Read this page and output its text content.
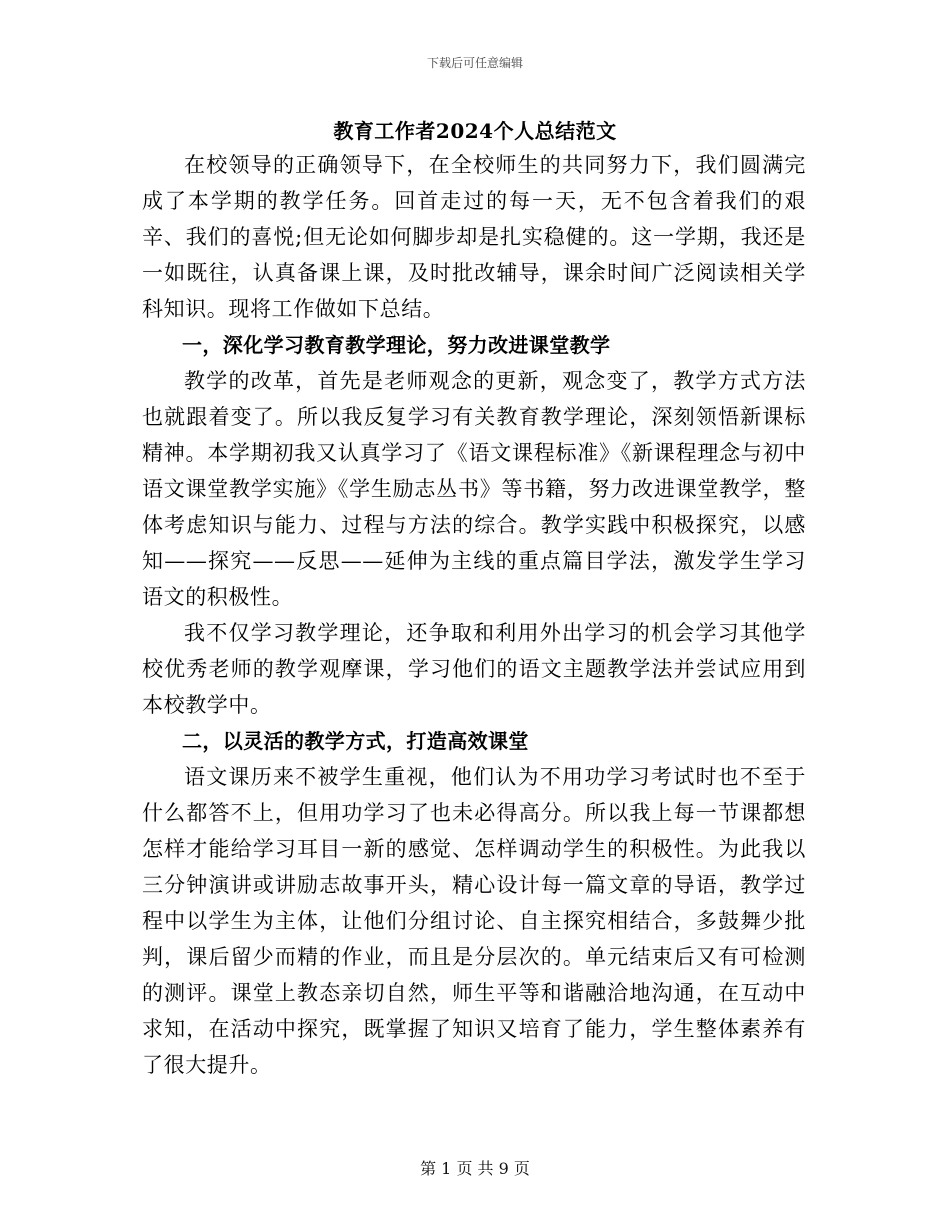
下载后可任意编辑
教育工作者2024个人总结范文

在校领导的正确领导下，在全校师生的共同努力下，我们圆满完成了本学期的教学任务。回首走过的每一天，无不包含着我们的艰辛、我们的喜悦;但无论如何脚步却是扎实稳健的。这一学期，我还是一如既往，认真备课上课，及时批改辅导，课余时间广泛阅读相关学科知识。现将工作做如下总结。

一，深化学习教育教学理论，努力改进课堂教学

教学的改革，首先是老师观念的更新，观念变了，教学方式方法也就跟着变了。所以我反复学习有关教育教学理论，深刻领悟新课标精神。本学期初我又认真学习了《语文课程标准》《新课程理念与初中语文课堂教学实施》《学生励志丛书》等书籍，努力改进课堂教学，整体考虑知识与能力、过程与方法的综合。教学实践中积极探究，以感知——探究——反思——延伸为主线的重点篇目学法，激发学生学习语文的积极性。

我不仅学习教学理论，还争取和利用外出学习的机会学习其他学校优秀老师的教学观摩课，学习他们的语文主题教学法并尝试应用到本校教学中。

二，以灵活的教学方式，打造高效课堂

语文课历来不被学生重视，他们认为不用功学习考试时也不至于什么都答不上，但用功学习了也未必得高分。所以我上每一节课都想怎样才能给学习耳目一新的感觉、怎样调动学生的积极性。为此我以三分钟演讲或讲励志故事开头，精心设计每一篇文章的导语，教学过程中以学生为主体，让他们分组讨论、自主探究相结合，多鼓舞少批判，课后留少而精的作业，而且是分层次的。单元结束后又有可检测的测评。课堂上教态亲切自然，师生平等和谐融洽地沟通，在互动中求知，在活动中探究，既掌握了知识又培育了能力，学生整体素养有了很大提升。

第 1 页 共 9 页
